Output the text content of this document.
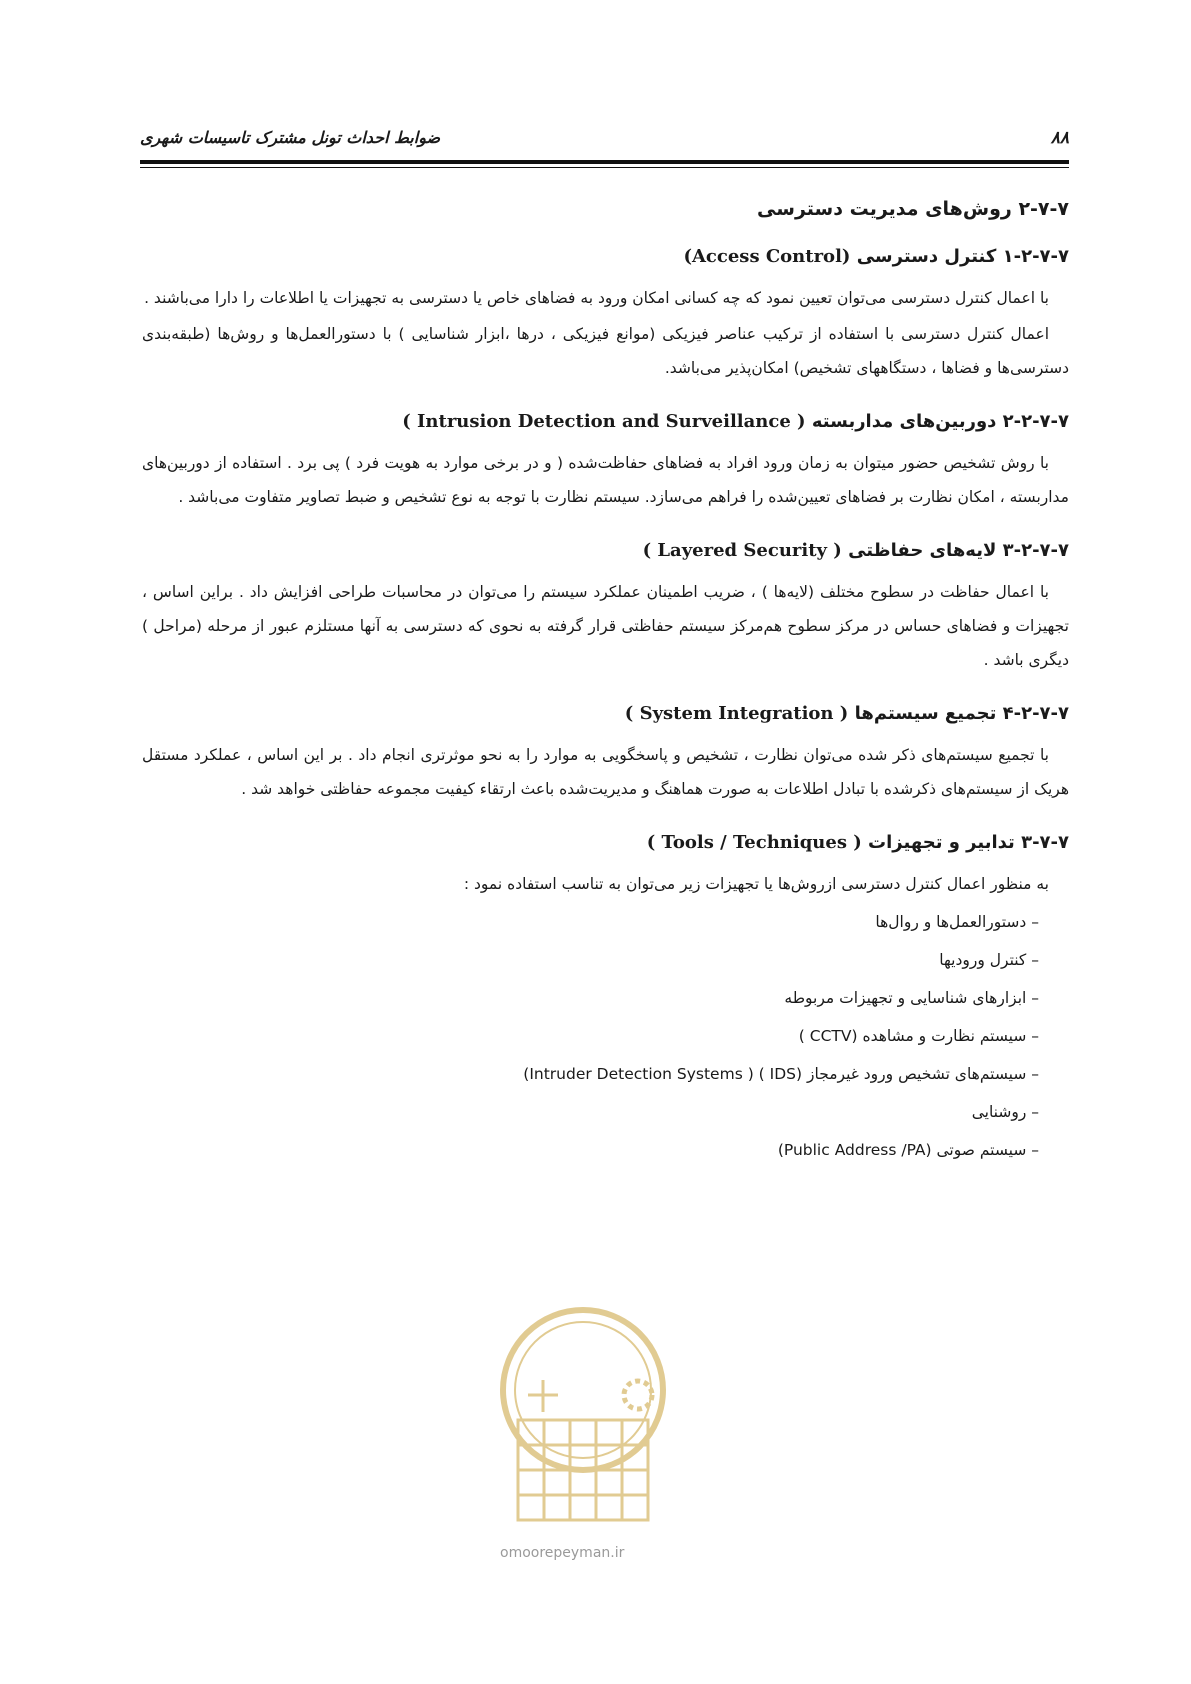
ضوابط احداث تونل مشترک تاسیسات شهری	۸۸
۲-۷-۷ روش‌های مدیریت دسترسی
۱-۲-۷-۷ کنترل دسترسی (Access Control)

با اعمال کنترل دسترسی می‌توان تعیین نمود که چه کسانی امکان ورود به فضاهای خاص یا دسترسی به تجهیزات یا اطلاعات را دارا می‌باشند .

اعمال کنترل دسترسی با استفاده از ترکیب عناصر فیزیکی (موانع فیزیکی ، درها ،ابزار شناسایی ) با دستورالعمل‌ها و روش‌ها (طبقه‌بندی دسترسی‌ها و فضاها ، دستگاههای تشخیص) امکان‌پذیر می‌باشد.

۲-۲-۷-۷ دوربین‌های مداربسته ( Intrusion Detection and Surveillance )

با روش تشخیص حضور میتوان به زمان ورود افراد به فضاهای حفاظت‌شده ( و در برخی موارد به هویت فرد ) پی برد . استفاده از دوربین‌های مداربسته ، امکان نظارت بر فضاهای تعیین‌شده را فراهم می‌سازد. سیستم نظارت با توجه به نوع تشخیص و ضبط تصاویر متفاوت می‌باشد .

۳-۲-۷-۷ لایه‌های حفاظتی ( Layered Security )

با اعمال حفاظت در سطوح مختلف (لایه‌ها ) ، ضریب اطمینان عملکرد سیستم را می‌توان در محاسبات طراحی افزایش داد . براین اساس ، تجهیزات و فضاهای حساس در مرکز سطوح هم‌مرکز سیستم حفاظتی قرار گرفته به نحوی که دسترسی به آنها مستلزم عبور از مرحله (مراحل ) دیگری باشد .

۴-۲-۷-۷ تجمیع سیستم‌ها ( System Integration )

با تجمیع سیستم‌های ذکر شده می‌توان نظارت ، تشخیص و پاسخگویی به موارد را به نحو موثرتری انجام داد . بر این اساس ، عملکرد مستقل هریک از سیستم‌های ذکرشده با تبادل اطلاعات به صورت هماهنگ و مدیریت‌شده باعث ارتقاء کیفیت مجموعه حفاظتی خواهد شد .

۳-۷-۷ تدابیر و تجهیزات ( Tools / Techniques )

به منظور اعمال کنترل دسترسی ازروش‌ها یا تجهیزات زیر می‌توان به تناسب استفاده نمود :

– دستورالعمل‌ها و روال‌ها
– کنترل ورودیها
– ابزارهای شناسایی و تجهیزات مربوطه
– سیستم نظارت و مشاهده (CCTV )
– سیستم‌های تشخیص ورود غیرمجاز (IDS ) ( Intruder Detection Systems)
– روشنایی
– سیستم صوتی (Public Address /PA)
omoorepeyman.ir
